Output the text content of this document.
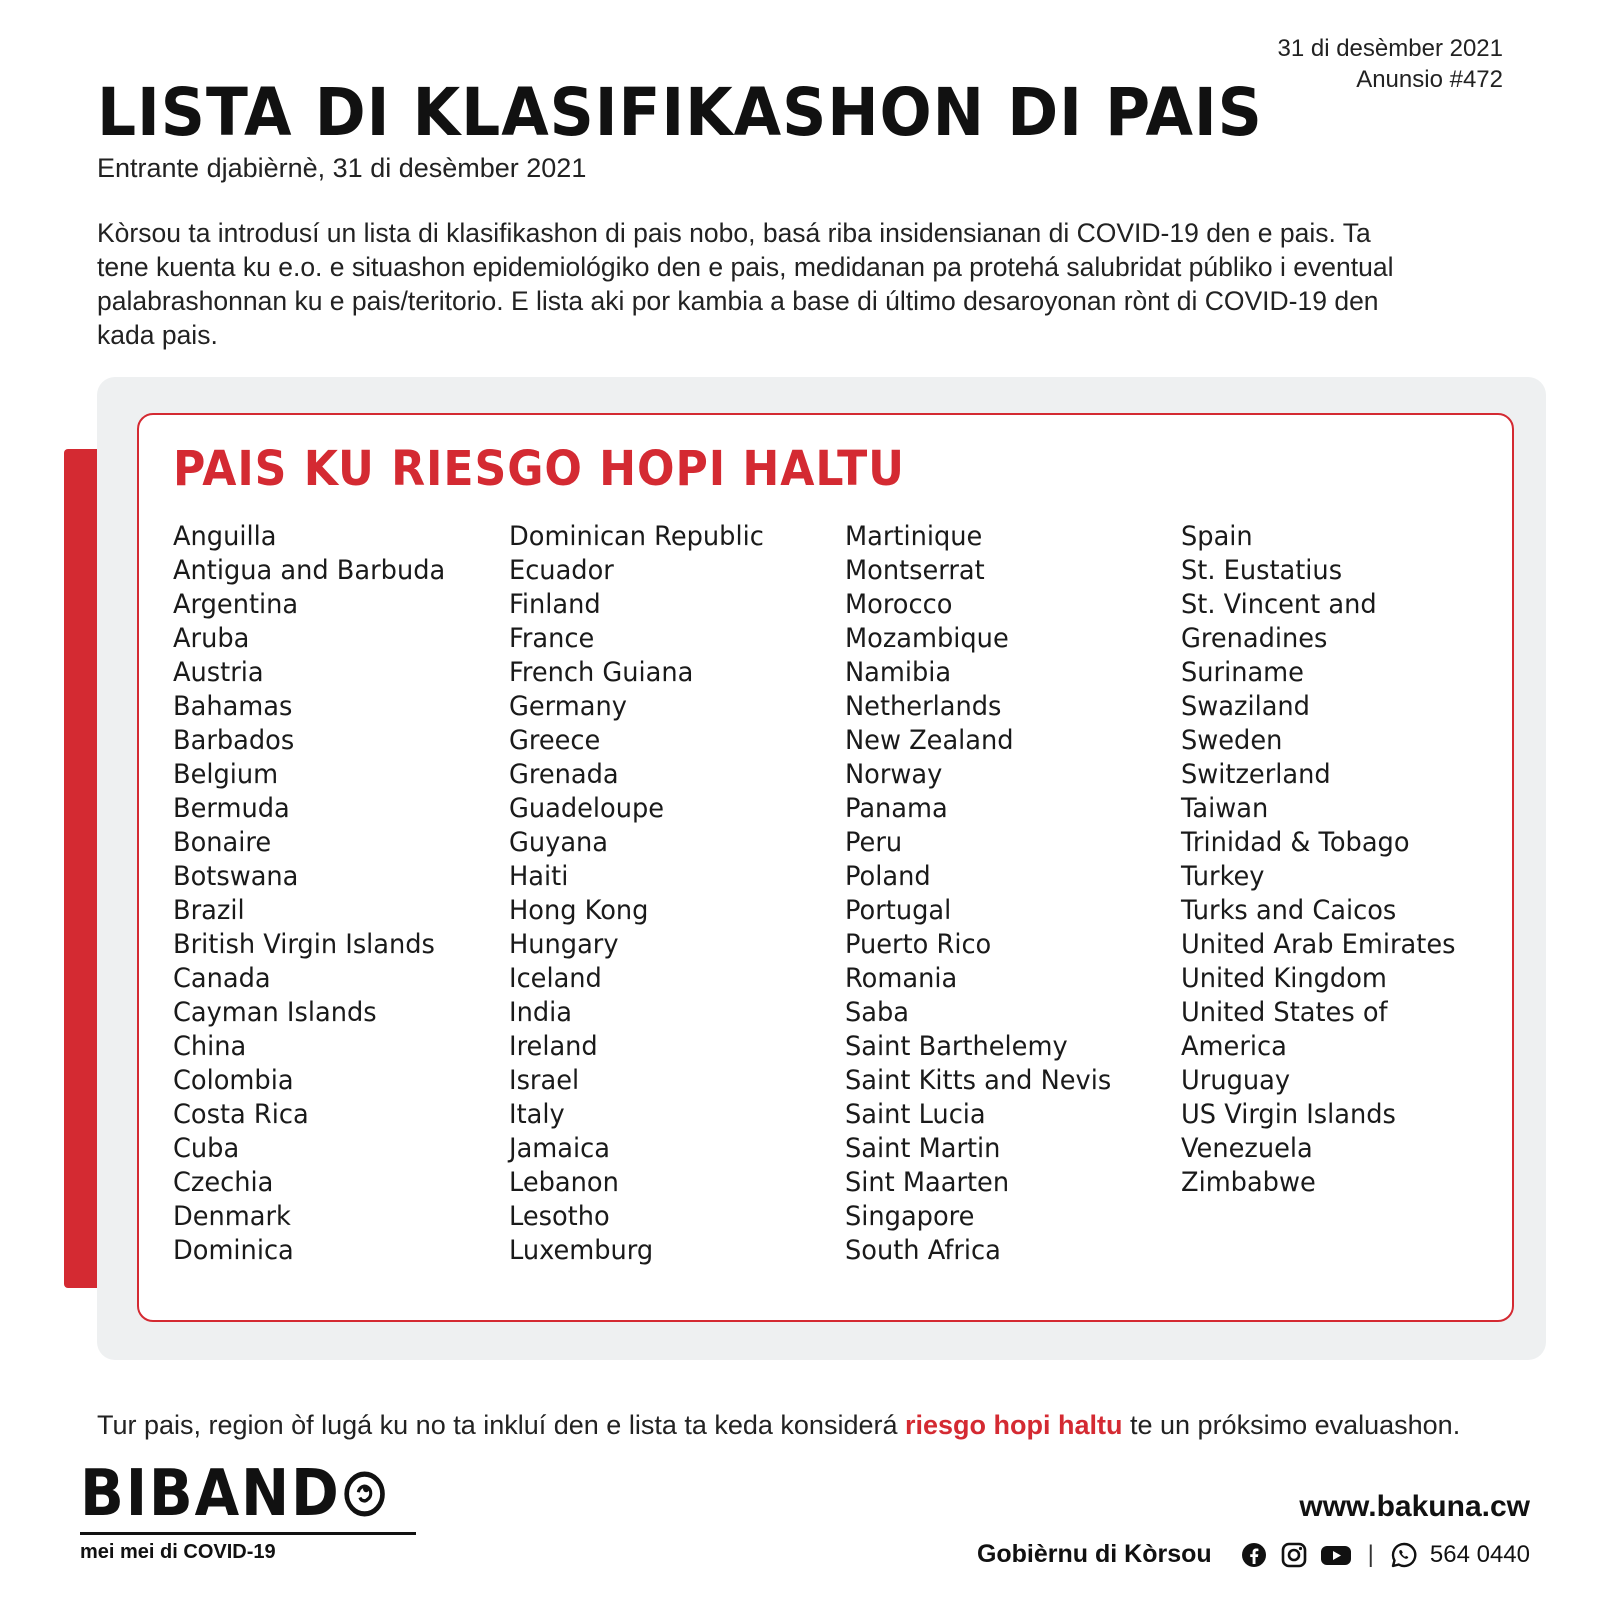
31 di desèmber 2021
Anunsio #472
LISTA DI KLASIFIKASHON DI PAIS
Entrante djabièrnè, 31 di desèmber 2021

Kòrsou ta introdusí un lista di klasifikashon di pais nobo, basá riba insidensianan di COVID-19 den e pais. Ta tene kuenta ku e.o. e situashon epidemiológiko den e pais, medidanan pa protehá salubridat públiko i eventual palabrashonnan ku e pais/teritorio. E lista aki por kambia a base di último desaroyonan rònt di COVID-19 den kada pais.

PAIS KU RIESGO HOPI HALTU
Anguilla
Antigua and Barbuda
Argentina
Aruba
Austria
Bahamas
Barbados
Belgium
Bermuda
Bonaire
Botswana
Brazil
British Virgin Islands
Canada
Cayman Islands
China
Colombia
Costa Rica
Cuba
Czechia
Denmark
Dominica
Dominican Republic
Ecuador
Finland
France
French Guiana
Germany
Greece
Grenada
Guadeloupe
Guyana
Haiti
Hong Kong
Hungary
Iceland
India
Ireland
Israel
Italy
Jamaica
Lebanon
Lesotho
Luxemburg
Martinique
Montserrat
Morocco
Mozambique
Namibia
Netherlands
New Zealand
Norway
Panama
Peru
Poland
Portugal
Puerto Rico
Romania
Saba
Saint Barthelemy
Saint Kitts and Nevis
Saint Lucia
Saint Martin
Sint Maarten
Singapore
South Africa
Spain
St. Eustatius
St. Vincent and
Grenadines
Suriname
Swaziland
Sweden
Switzerland
Taiwan
Trinidad & Tobago
Turkey
Turks and Caicos
United Arab Emirates
United Kingdom
United States of
America
Uruguay
US Virgin Islands
Venezuela
Zimbabwe
Tur pais, region òf lugá ku no ta inkluí den e lista ta keda konsiderá riesgo hopi haltu te un próksimo evaluashon.
BIBAND
mei mei di COVID-19
www.bakuna.cw
Gobièrnu di Kòrsou	| 564 0440
